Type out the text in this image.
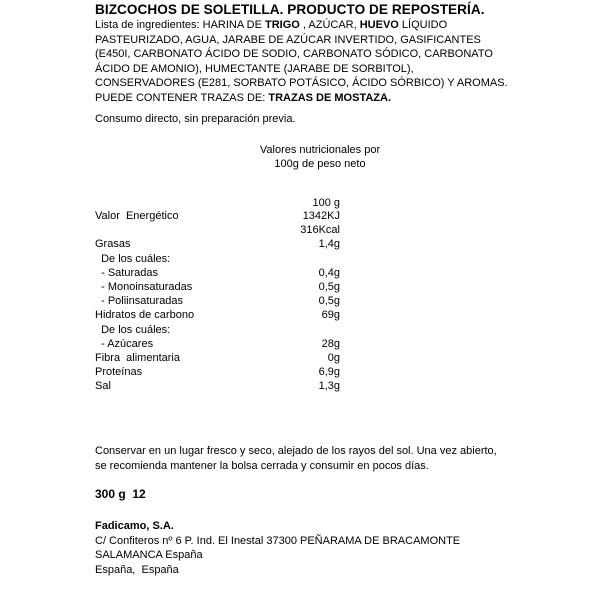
BIZCOCHOS DE SOLETILLA. PRODUCTO DE REPOSTERÍA.
Lista de ingredientes: HARINA DE TRIGO , AZÚCAR, HUEVO LÍQUIDO PASTEURIZADO, AGUA, JARABE DE AZÚCAR INVERTIDO, GASIFICANTES (E450I, CARBONATO ÁCIDO DE SODIO, CARBONATO SÓDICO, CARBONATO ÁCIDO DE AMONIO), HUMECTANTE (JARABE DE SORBITOL), CONSERVADORES (E281, SORBATO POTÁSICO, ÁCIDO SÓRBICO) Y AROMAS. PUEDE CONTENER TRAZAS DE: TRAZAS DE MOSTAZA.
Consumo directo, sin preparación previa.
Valores nutricionales por
100g de peso neto
100 g
Valor  Energético	1342KJ
316Kcal
Grasas	1,4g
De los cuáles:
- Saturadas	0,4g
- Monoinsaturadas	0,5g
- Poliinsaturadas	0,5g
Hidratos de carbono	69g
De los cuáles:
- Azúcares	28g
Fibra  alimentaria	0g
Proteínas	6,9g
Sal	1,3g
Conservar en un lugar fresco y seco, alejado de los rayos del sol. Una vez abierto,
se recomienda mantener la bolsa cerrada y consumir en pocos días.
300 g  12
Fadicamo, S.A.
C/ Confiteros nº 6 P. Ind. El Inestal 37300 PEÑARAMA DE BRACAMONTE
SALAMANCA España
España,  España
